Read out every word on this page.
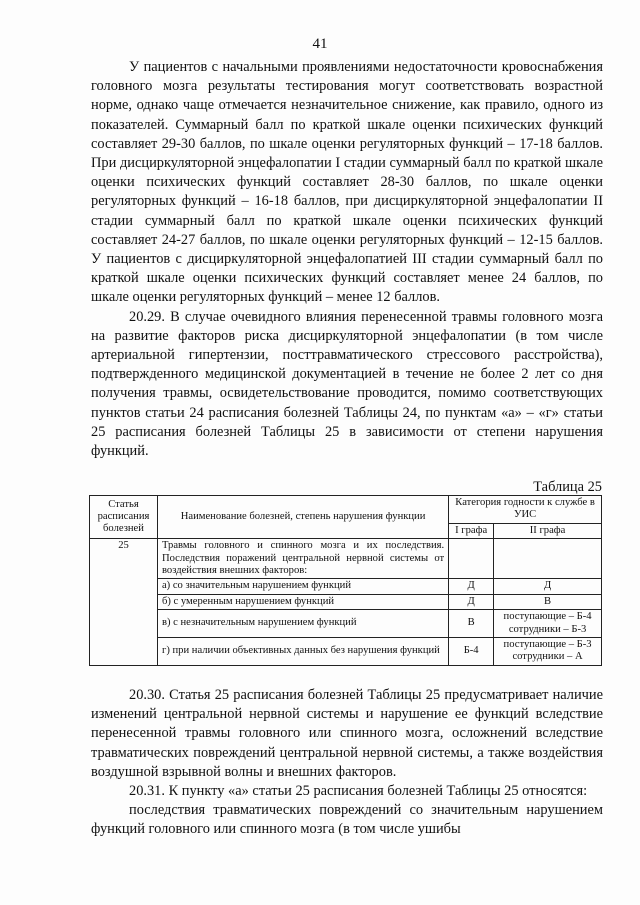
41

У пациентов с начальными проявлениями недостаточности кровоснабжения головного мозга результаты тестирования могут соответствовать возрастной норме, однако чаще отмечается незначительное снижение, как правило, одного из показателей. Суммарный балл по краткой шкале оценки психических функций составляет 29-30 баллов, по шкале оценки регуляторных функций – 17-18 баллов. При дисциркуляторной энцефалопатии I стадии суммарный балл по краткой шкале оценки психических функций составляет 28-30 баллов, по шкале оценки регуляторных функций – 16-18 баллов, при дисциркуляторной энцефалопатии II стадии суммарный балл по краткой шкале оценки психических функций составляет 24-27 баллов, по шкале оценки регуляторных функций – 12-15 баллов. У пациентов с дисциркуляторной энцефалопатией III стадии суммарный балл по краткой шкале оценки психических функций составляет менее 24 баллов, по шкале оценки регуляторных функций – менее 12 баллов.

20.29. В случае очевидного влияния перенесенной травмы головного мозга на развитие факторов риска дисциркуляторной энцефалопатии (в том числе артериальной гипертензии, посттравматического стрессового расстройства), подтвержденного медицинской документацией в течение не более 2 лет со дня получения травмы, освидетельствование проводится, помимо соответствующих пунктов статьи 24 расписания болезней Таблицы 24, по пунктам «а» – «г» статьи 25 расписания болезней Таблицы 25 в зависимости от степени нарушения функций.

Таблица 25
Статья расписания болезней	Наименование болезней, степень нарушения функции	Категория годности к службе в УИС	
		I графа	II графа
25	Травмы головного и спинного мозга и их последствия. Последствия поражений центральной нервной системы от воздействия внешних факторов:		
	а) со значительным нарушением функций	Д	Д
	б) с умеренным нарушением функций	Д	В
	в) с незначительным нарушением функций	В	поступающие – Б-4 сотрудники – Б-3
	г) при наличии объективных данных без нарушения функций	Б-4	поступающие – Б-3 сотрудники – А

20.30. Статья 25 расписания болезней Таблицы 25 предусматривает наличие изменений центральной нервной системы и нарушение ее функций вследствие перенесенной травмы головного или спинного мозга, осложнений вследствие травматических повреждений центральной нервной системы, а также воздействия воздушной взрывной волны и внешних факторов.

20.31. К пункту «а» статьи 25 расписания болезней Таблицы 25 относятся:

последствия травматических повреждений со значительным нарушением функций головного или спинного мозга (в том числе ушибы
